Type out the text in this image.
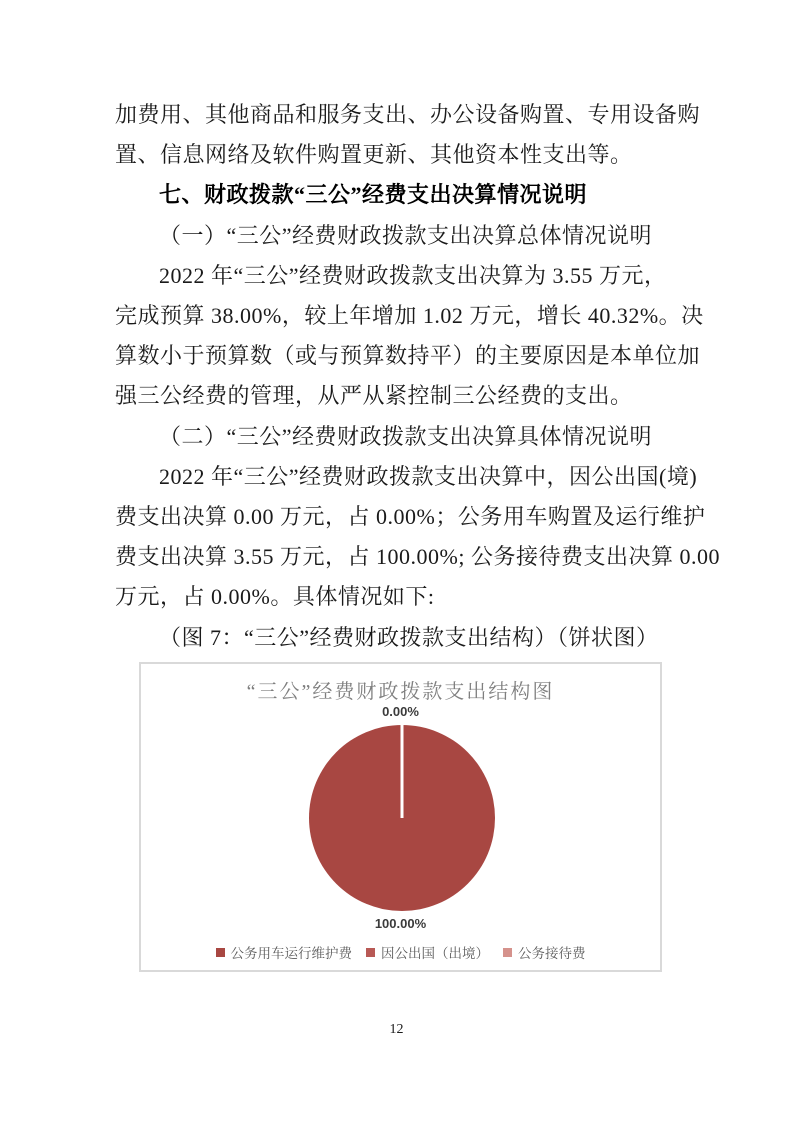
加费用、其他商品和服务支出、办公设备购置、专用设备购
置、信息网络及软件购置更新、其他资本性支出等。
七、财政拨款“三公”经费支出决算情况说明
（一）“三公”经费财政拨款支出决算总体情况说明
2022 年“三公”经费财政拨款支出决算为 3.55 万元，
完成预算 38.00%，较上年增加 1.02 万元，增长 40.32%。决
算数小于预算数（或与预算数持平）的主要原因是本单位加
强三公经费的管理，从严从紧控制三公经费的支出。
（二）“三公”经费财政拨款支出决算具体情况说明
2022 年“三公”经费财政拨款支出决算中，因公出国(境)
费支出决算 0.00 万元，占 0.00%；公务用车购置及运行维护
费支出决算 3.55 万元，占 100.00%; 公务接待费支出决算 0.00
万元，占 0.00%。具体情况如下:
（图 7：“三公”经费财政拨款支出结构）（饼状图）
“三公”经费财政拨款支出结构图
0.00%
100.00%
公务用车运行维护费 因公出国（出境） 公务接待费
12
